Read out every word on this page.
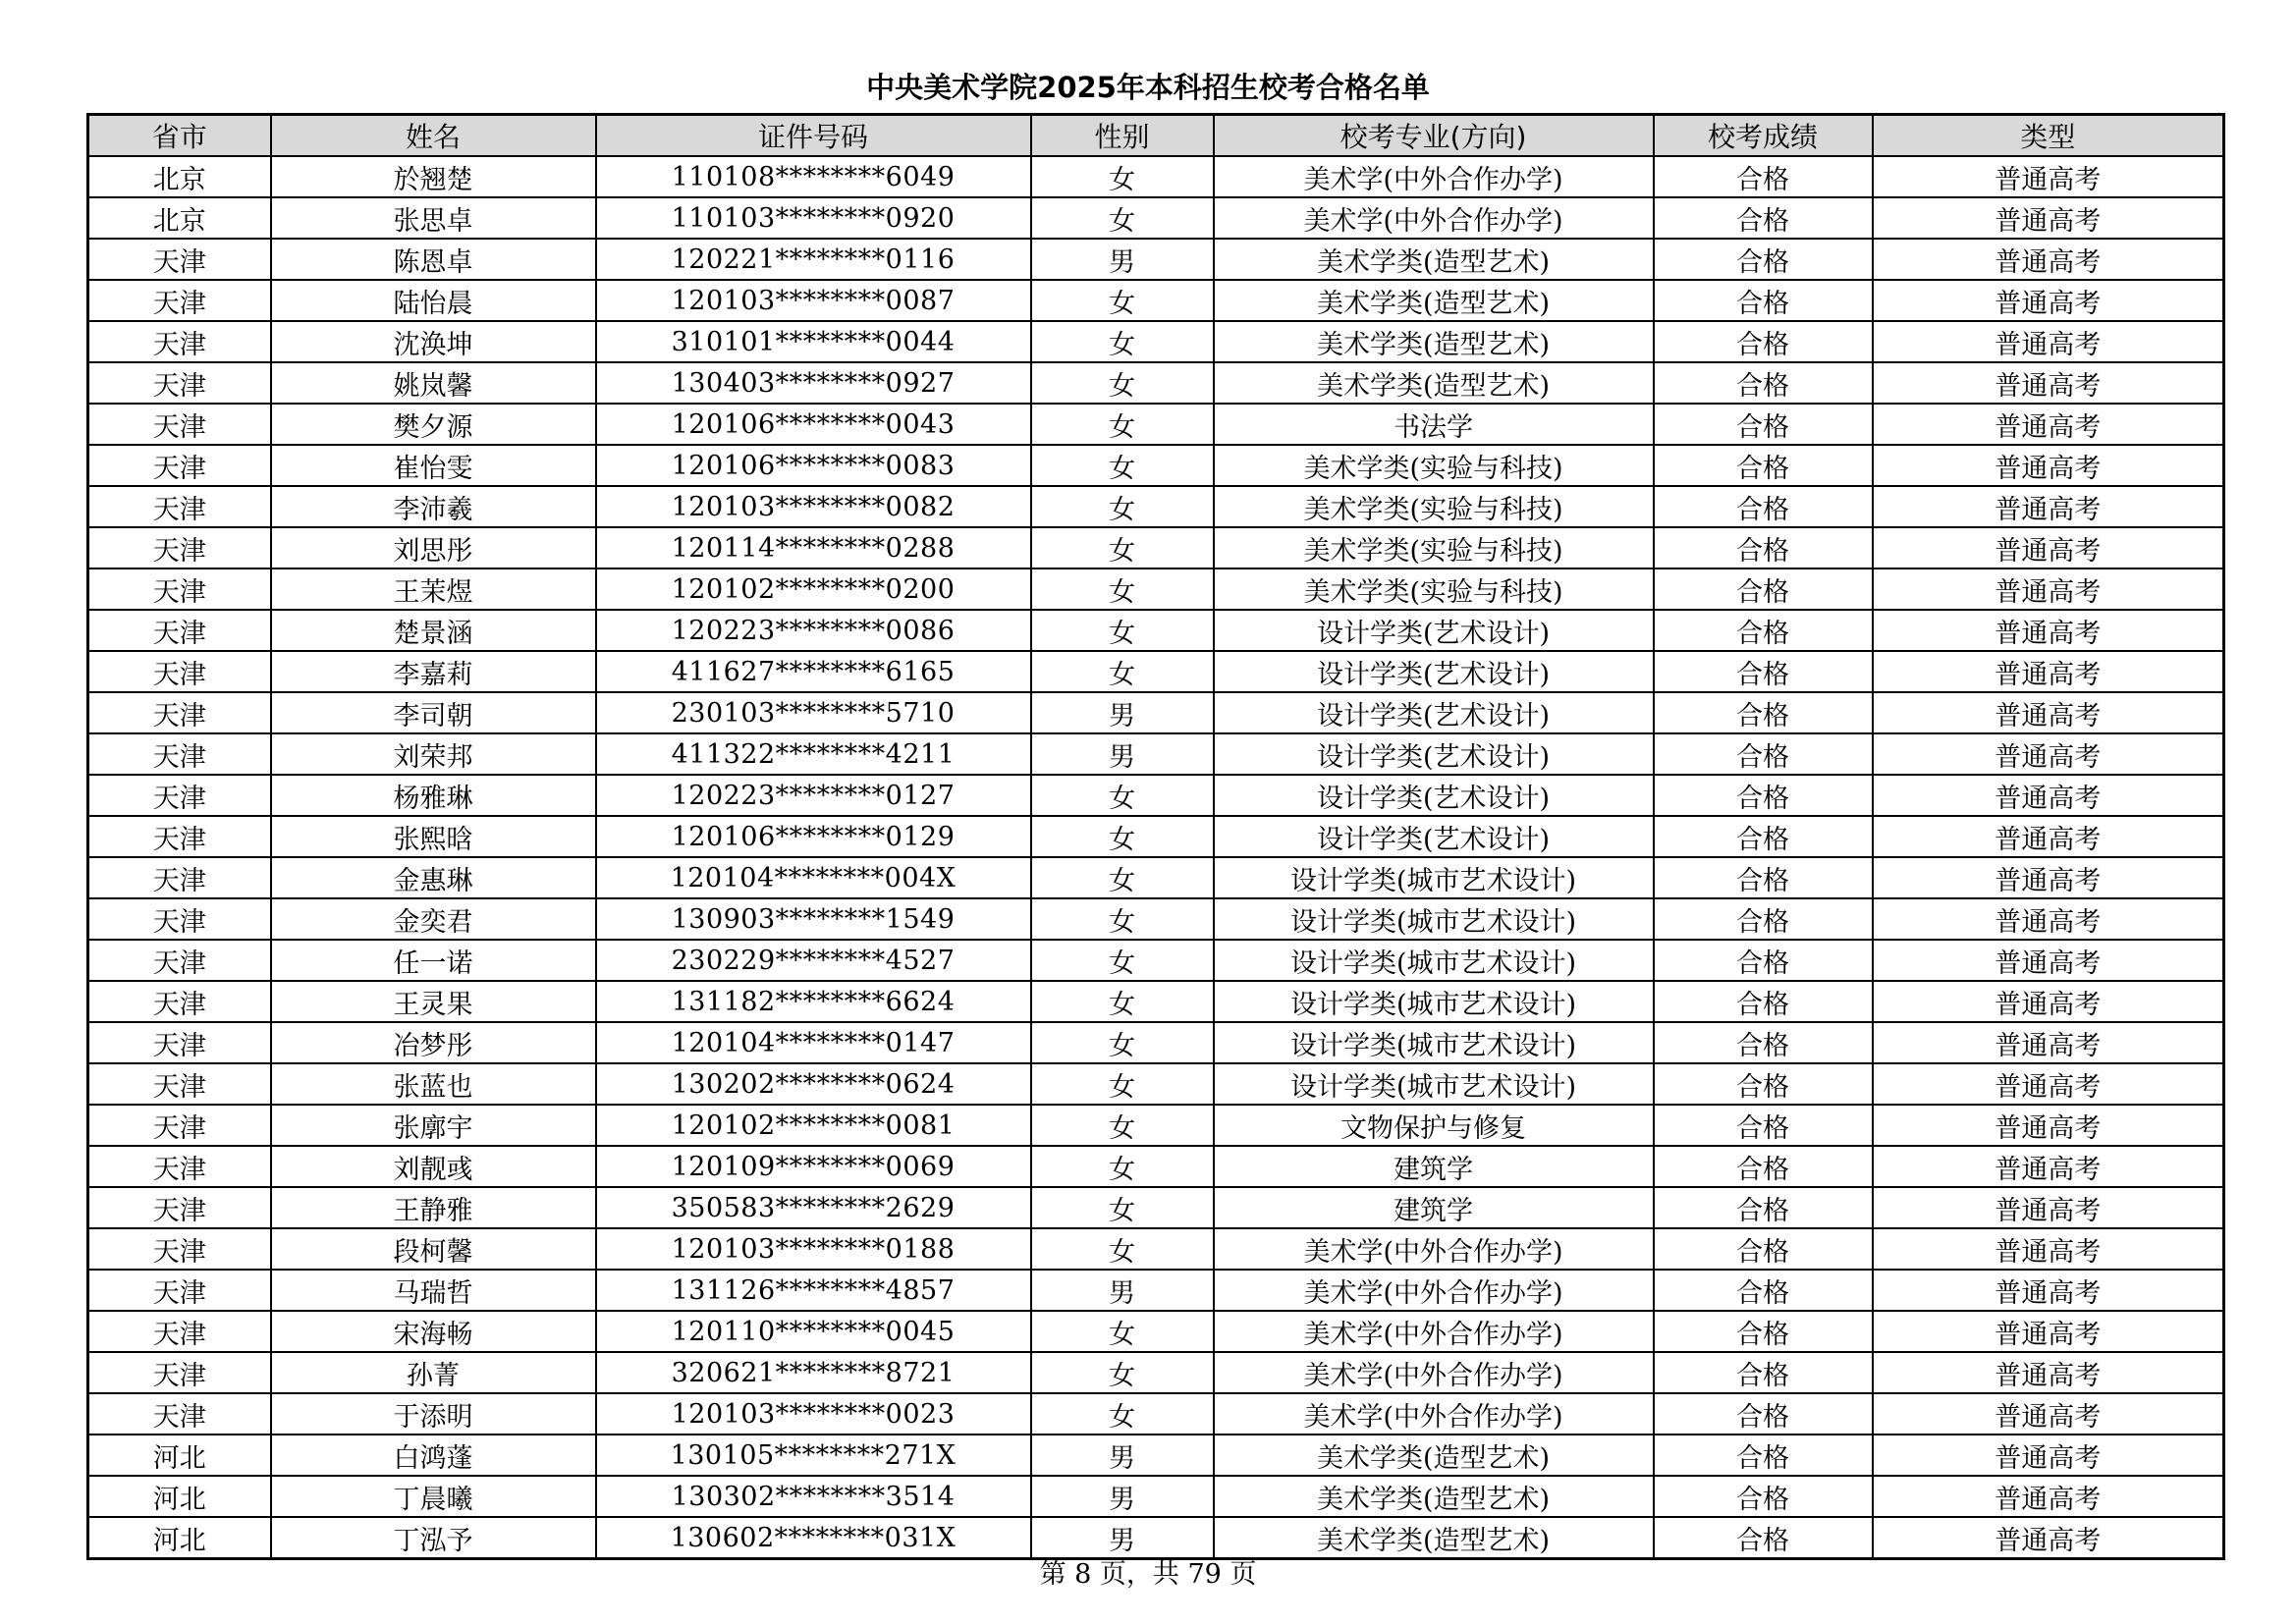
中央美术学院2025年本科招生校考合格名单
省市	姓名	证件号码	性别	校考专业(方向)	校考成绩	类型
北京	於翘楚	110108********6049	女	美术学(中外合作办学)	合格	普通高考
北京	张思卓	110103********0920	女	美术学(中外合作办学)	合格	普通高考
天津	陈恩卓	120221********0116	男	美术学类(造型艺术)	合格	普通高考
天津	陆怡晨	120103********0087	女	美术学类(造型艺术)	合格	普通高考
天津	沈涣坤	310101********0044	女	美术学类(造型艺术)	合格	普通高考
天津	姚岚馨	130403********0927	女	美术学类(造型艺术)	合格	普通高考
天津	樊夕源	120106********0043	女	书法学	合格	普通高考
天津	崔怡雯	120106********0083	女	美术学类(实验与科技)	合格	普通高考
天津	李沛羲	120103********0082	女	美术学类(实验与科技)	合格	普通高考
天津	刘思彤	120114********0288	女	美术学类(实验与科技)	合格	普通高考
天津	王茉煜	120102********0200	女	美术学类(实验与科技)	合格	普通高考
天津	楚景涵	120223********0086	女	设计学类(艺术设计)	合格	普通高考
天津	李嘉莉	411627********6165	女	设计学类(艺术设计)	合格	普通高考
天津	李司朝	230103********5710	男	设计学类(艺术设计)	合格	普通高考
天津	刘荣邦	411322********4211	男	设计学类(艺术设计)	合格	普通高考
天津	杨雅琳	120223********0127	女	设计学类(艺术设计)	合格	普通高考
天津	张熙晗	120106********0129	女	设计学类(艺术设计)	合格	普通高考
天津	金惠琳	120104********004X	女	设计学类(城市艺术设计)	合格	普通高考
天津	金奕君	130903********1549	女	设计学类(城市艺术设计)	合格	普通高考
天津	任一诺	230229********4527	女	设计学类(城市艺术设计)	合格	普通高考
天津	王灵果	131182********6624	女	设计学类(城市艺术设计)	合格	普通高考
天津	冶梦彤	120104********0147	女	设计学类(城市艺术设计)	合格	普通高考
天津	张蓝也	130202********0624	女	设计学类(城市艺术设计)	合格	普通高考
天津	张廓宇	120102********0081	女	文物保护与修复	合格	普通高考
天津	刘靓彧	120109********0069	女	建筑学	合格	普通高考
天津	王静雅	350583********2629	女	建筑学	合格	普通高考
天津	段柯馨	120103********0188	女	美术学(中外合作办学)	合格	普通高考
天津	马瑞哲	131126********4857	男	美术学(中外合作办学)	合格	普通高考
天津	宋海畅	120110********0045	女	美术学(中外合作办学)	合格	普通高考
天津	孙菁	320621********8721	女	美术学(中外合作办学)	合格	普通高考
天津	于添明	120103********0023	女	美术学(中外合作办学)	合格	普通高考
河北	白鸿蓬	130105********271X	男	美术学类(造型艺术)	合格	普通高考
河北	丁晨曦	130302********3514	男	美术学类(造型艺术)	合格	普通高考
河北	丁泓予	130602********031X	男	美术学类(造型艺术)	合格	普通高考
第 8 页，共 79 页
